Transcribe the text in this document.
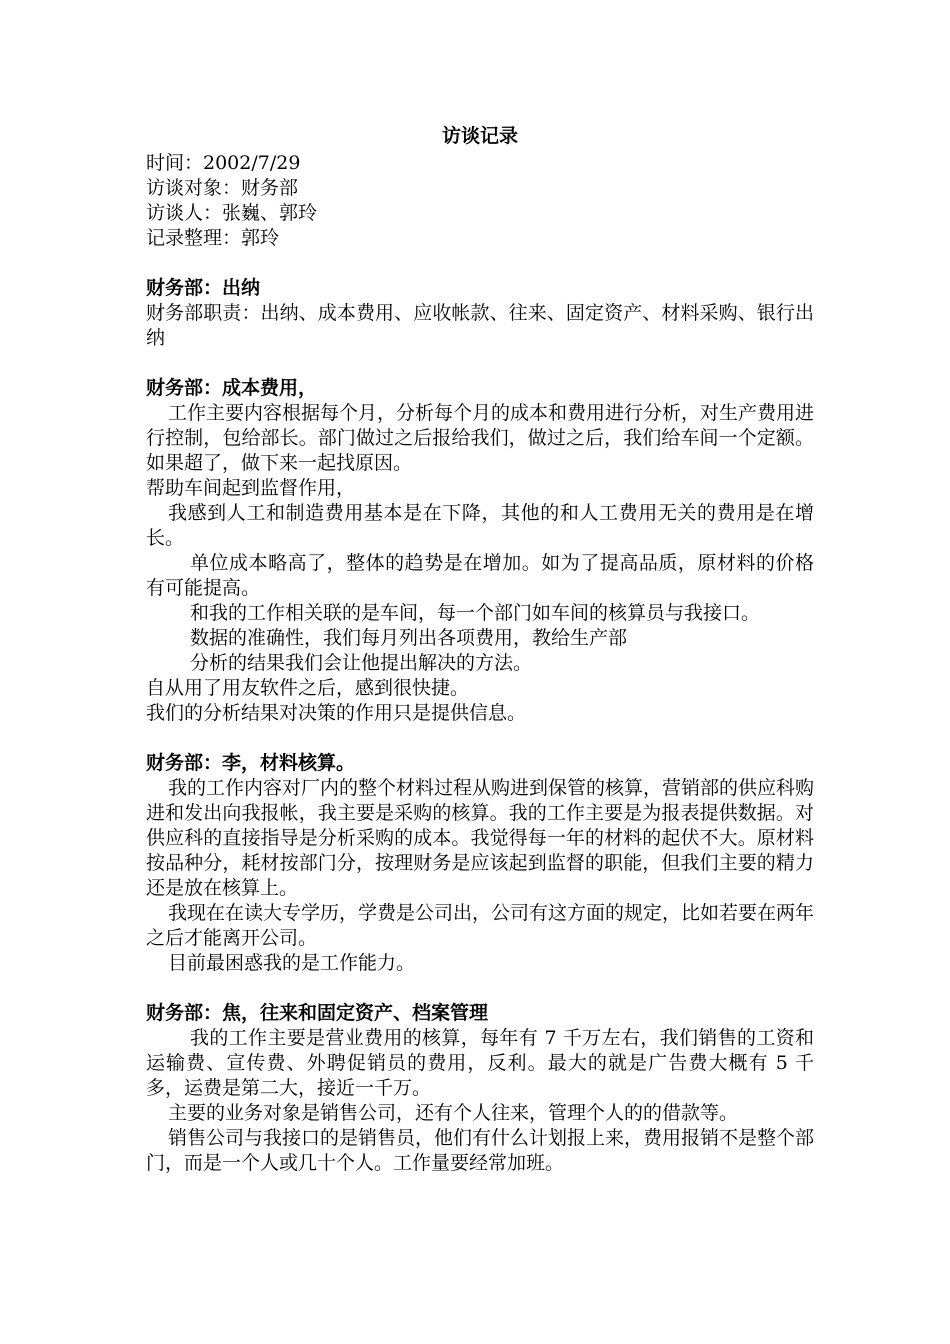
访谈记录
时间：2002/7/29
访谈对象：财务部
访谈人：张巍、郭玲
记录整理：郭玲
财务部：出纳
财务部职责：出纳、成本费用、应收帐款、往来、固定资产、材料采购、银行出纳
财务部：成本费用，
工作主要内容根据每个月，分析每个月的成本和费用进行分析，对生产费用进行控制，包给部长。部门做过之后报给我们，做过之后，我们给车间一个定额。如果超了，做下来一起找原因。
帮助车间起到监督作用，
我感到人工和制造费用基本是在下降，其他的和人工费用无关的费用是在增长。
单位成本略高了，整体的趋势是在增加。如为了提高品质，原材料的价格有可能提高。
和我的工作相关联的是车间，每一个部门如车间的核算员与我接口。
数据的准确性，我们每月列出各项费用，教给生产部
分析的结果我们会让他提出解决的方法。
自从用了用友软件之后，感到很快捷。
我们的分析结果对决策的作用只是提供信息。
财务部：李，材料核算。
我的工作内容对厂内的整个材料过程从购进到保管的核算，营销部的供应科购进和发出向我报帐，我主要是采购的核算。我的工作主要是为报表提供数据。对供应科的直接指导是分析采购的成本。我觉得每一年的材料的起伏不大。原材料按品种分，耗材按部门分，按理财务是应该起到监督的职能，但我们主要的精力还是放在核算上。
我现在在读大专学历，学费是公司出，公司有这方面的规定，比如若要在两年之后才能离开公司。
目前最困惑我的是工作能力。
财务部：焦，往来和固定资产、档案管理
我的工作主要是营业费用的核算，每年有 7 千万左右，我们销售的工资和运输费、宣传费、外聘促销员的费用，反利。最大的就是广告费大概有 5 千多，运费是第二大，接近一千万。
主要的业务对象是销售公司，还有个人往来，管理个人的的借款等。
销售公司与我接口的是销售员，他们有什么计划报上来，费用报销不是整个部门，而是一个人或几十个人。工作量要经常加班。
